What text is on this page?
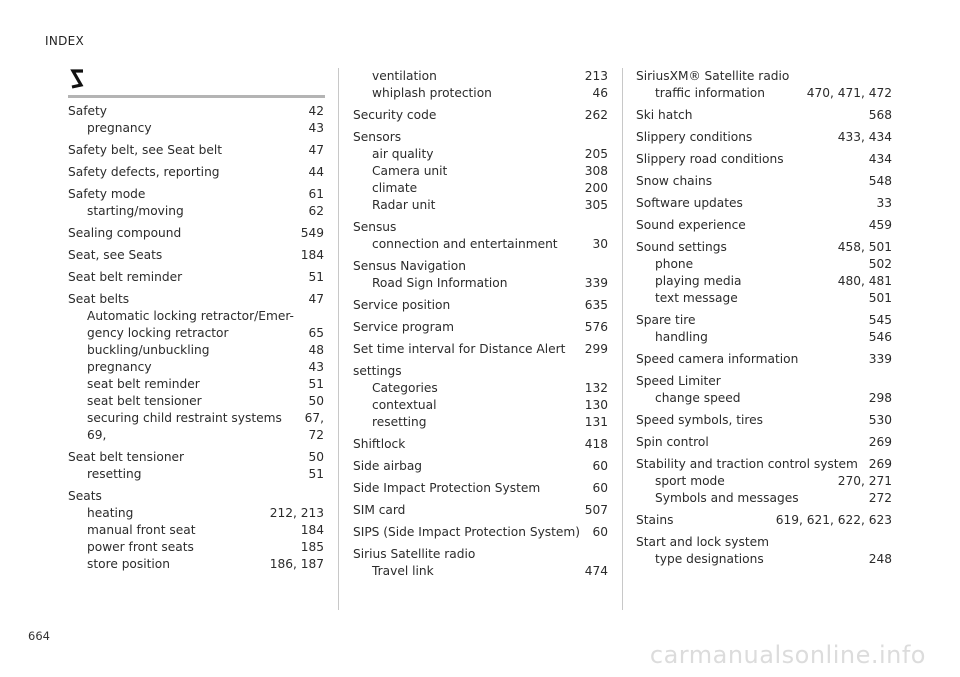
INDEX
Safety	42
pregnancy	43
Safety belt, see Seat belt	47
Safety defects, reporting	44
Safety mode	61
starting/moving	62
Sealing compound	549
Seat, see Seats	184
Seat belt reminder	51
Seat belts	47
Automatic locking retractor/Emer-
gency locking retractor	65
buckling/unbuckling	48
pregnancy	43
seat belt reminder	51
seat belt tensioner	50
securing child restraint systems 67,
69,	72
Seat belt tensioner	50
resetting	51
Seats
heating	212, 213
manual front seat	184
power front seats	185
store position	186, 187
ventilation	213
whiplash protection	46
Security code	262
Sensors
air quality	205
Camera unit	308
climate	200
Radar unit	305
Sensus
connection and entertainment	30
Sensus Navigation
Road Sign Information	339
Service position	635
Service program	576
Set time interval for Distance Alert 299
settings
Categories	132
contextual	130
resetting	131
Shiftlock	418
Side airbag	60
Side Impact Protection System	60
SIM card	507
SIPS (Side Impact Protection System) 60
Sirius Satellite radio
Travel link	474
SiriusXM® Satellite radio
traffic information	470, 471, 472
Ski hatch	568
Slippery conditions	433, 434
Slippery road conditions	434
Snow chains	548
Software updates	33
Sound experience	459
Sound settings	458, 501
phone	502
playing media	480, 481
text message	501
Spare tire	545
handling	546
Speed camera information	339
Speed Limiter
change speed	298
Speed symbols, tires	530
Spin control	269
Stability and traction control system 269
sport mode	270, 271
Symbols and messages	272
Stains	619, 621, 622, 623
Start and lock system
type designations	248
664
carmanualsonline.info
